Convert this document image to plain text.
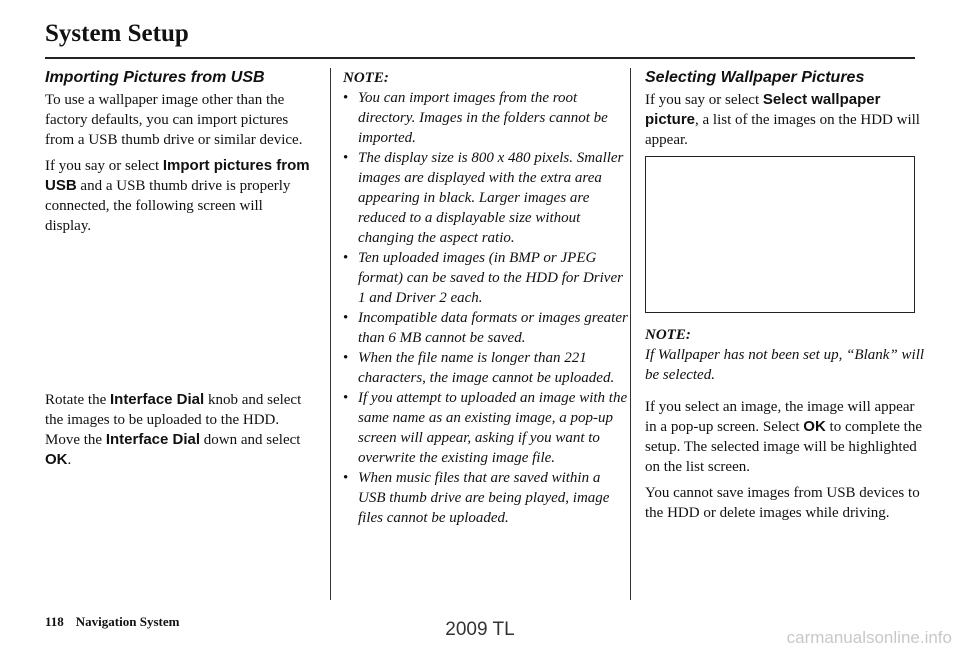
System Setup
Importing Pictures from USB

To use a wallpaper image other than the factory defaults, you can import pictures from a USB thumb drive or similar device.

If you say or select Import pictures from USB and a USB thumb drive is properly connected, the following screen will display.

Rotate the Interface Dial knob and select the images to be uploaded to the HDD. Move the Interface Dial down and select OK.

NOTE:
• You can import images from the root directory. Images in the folders cannot be imported.
• The display size is 800 x 480 pixels. Smaller images are displayed with the extra area appearing in black. Larger images are reduced to a displayable size without changing the aspect ratio.
• Ten uploaded images (in BMP or JPEG format) can be saved to the HDD for Driver 1 and Driver 2 each.
• Incompatible data formats or images greater than 6 MB cannot be saved.
• When the file name is longer than 221 characters, the image cannot be uploaded.
• If you attempt to uploaded an image with the same name as an existing image, a pop-up screen will appear, asking if you want to overwrite the existing image file.
• When music files that are saved within a USB thumb drive are being played, image files cannot be uploaded.
Selecting Wallpaper Pictures

If you say or select Select wallpaper picture, a list of the images on the HDD will appear.

NOTE:

If Wallpaper has not been set up, “Blank” will be selected.

If you select an image, the image will appear in a pop-up screen. Select OK to complete the setup. The selected image will be highlighted on the list screen.

You cannot save images from USB devices to the HDD or delete images while driving.

118 Navigation System	2009 TL	carmanualsonline.info
